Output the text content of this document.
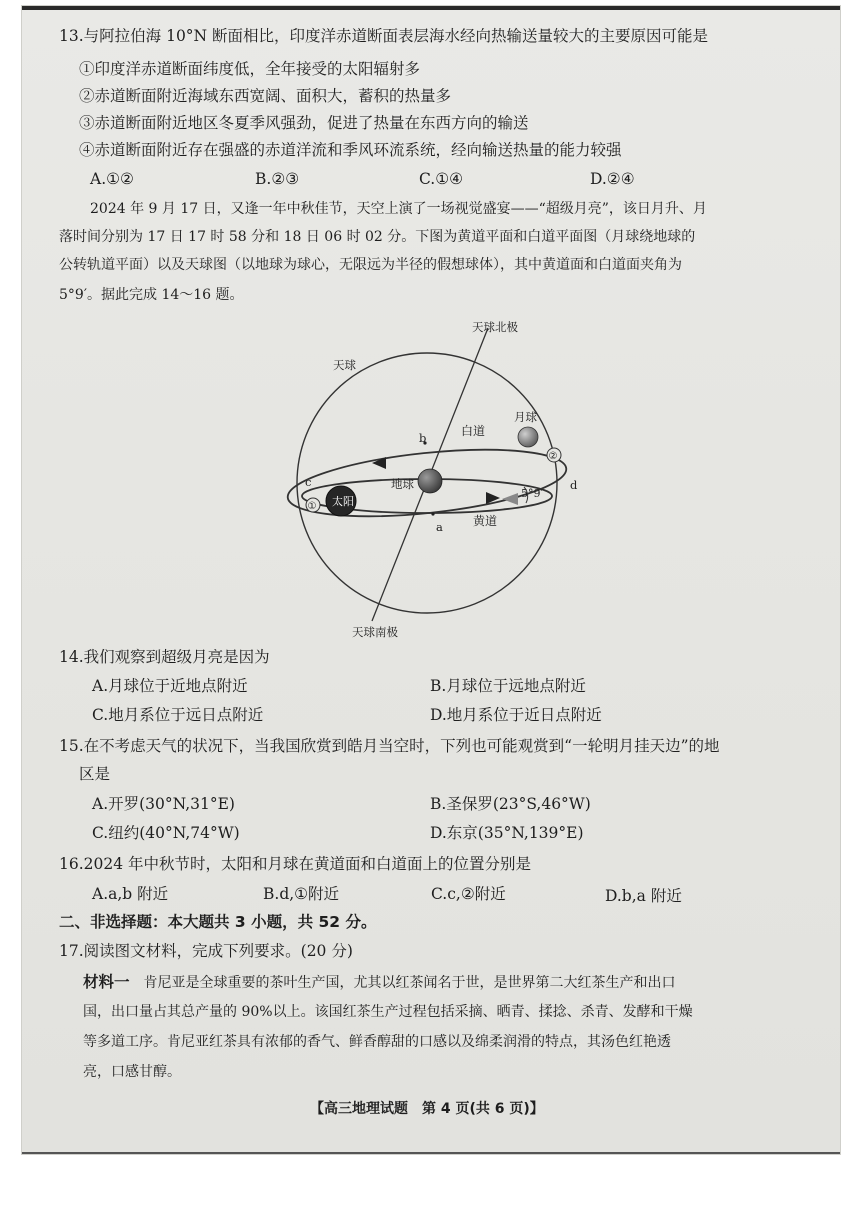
13.与阿拉伯海 10°N 断面相比，印度洋赤道断面表层海水经向热输送量较大的主要原因可能是
①印度洋赤道断面纬度低，全年接受的太阳辐射多
②赤道断面附近海域东西宽阔、面积大，蓄积的热量多
③赤道断面附近地区冬夏季风强劲，促进了热量在东西方向的输送
④赤道断面附近存在强盛的赤道洋流和季风环流系统，经向输送热量的能力较强
A.①②	B.②③	C.①④	D.②④
2024 年 9 月 17 日，又逢一年中秋佳节，天空上演了一场视觉盛宴——“超级月亮”，该日月升、月
落时间分别为 17 日 17 时 58 分和 18 日 06 时 02 分。下图为黄道平面和白道平面图（月球绕地球的
公转轨道平面）以及天球图（以地球为球心，无限远为半径的假想球体），其中黄道面和白道面夹角为
5°9′。据此完成 14～16 题。
天球北极
天球
白道
月球
地球
太阳
黄道
5°9′
a
b
c	d
①
②
天球南极
14.我们观察到超级月亮是因为
A.月球位于近地点附近	B.月球位于远地点附近
C.地月系位于远日点附近	D.地月系位于近日点附近
15.在不考虑天气的状况下，当我国欣赏到皓月当空时，下列也可能观赏到“一轮明月挂天边”的地
区是
A.开罗(30°N,31°E)	B.圣保罗(23°S,46°W)
C.纽约(40°N,74°W)	D.东京(35°N,139°E)
16.2024 年中秋节时，太阳和月球在黄道面和白道面上的位置分别是
A.a,b 附近	B.d,①附近	C.c,②附近	D.b,a 附近
二、非选择题：本大题共 3 小题，共 52 分。
17.阅读图文材料，完成下列要求。(20 分)
材料一 肯尼亚是全球重要的茶叶生产国，尤其以红茶闻名于世，是世界第二大红茶生产和出口
国，出口量占其总产量的 90%以上。该国红茶生产过程包括采摘、晒青、揉捻、杀青、发酵和干燥
等多道工序。肯尼亚红茶具有浓郁的香气、鲜香醇甜的口感以及绵柔润滑的特点，其汤色红艳透
亮，口感甘醇。
【高三地理试题　第 4 页(共 6 页)】
